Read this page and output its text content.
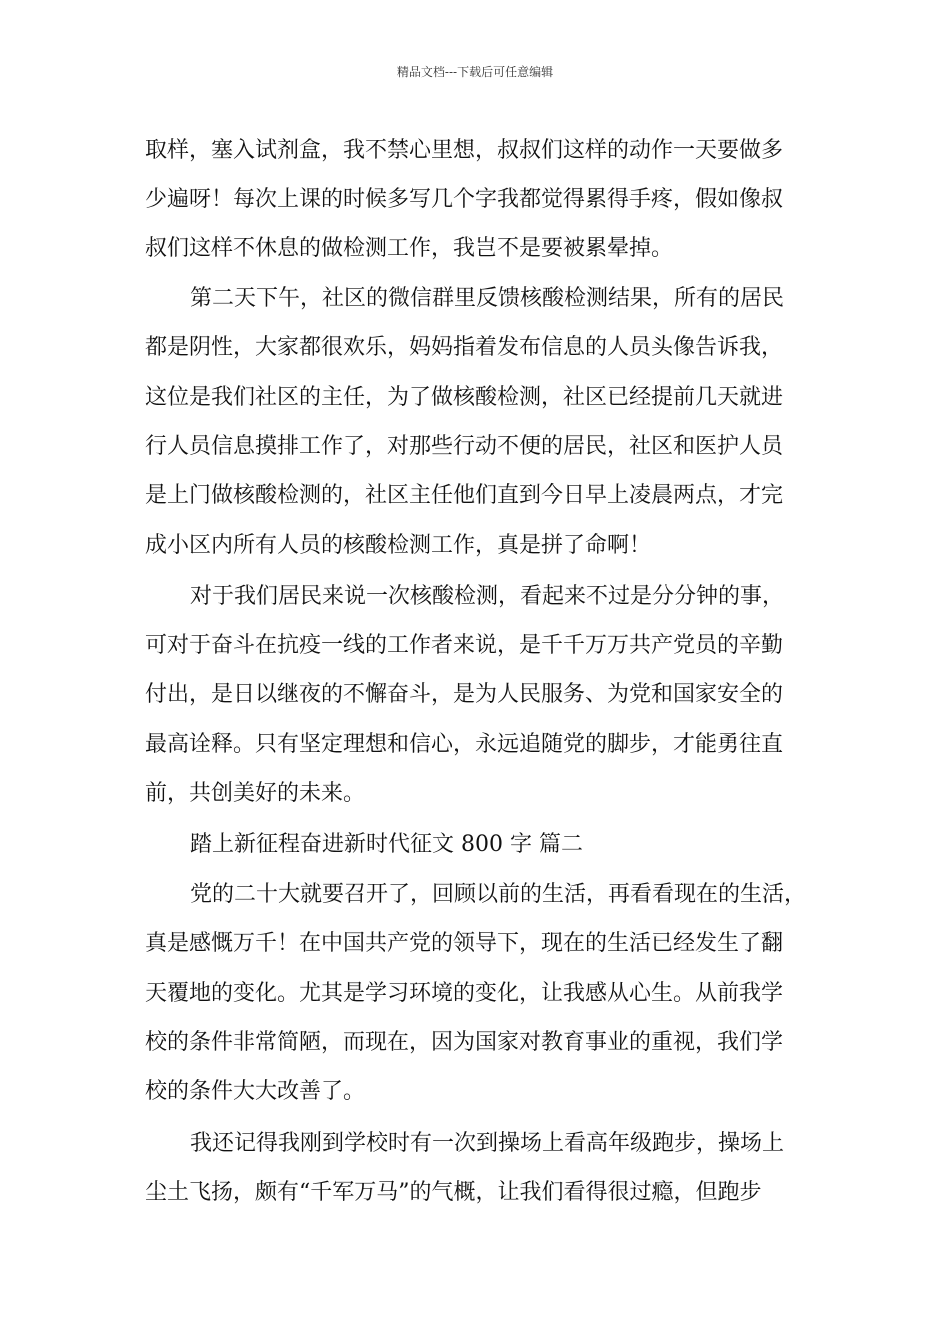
精品文档---下载后可任意编辑
取样，塞入试剂盒，我不禁心里想，叔叔们这样的动作一天要做多
少遍呀！每次上课的时候多写几个字我都觉得累得手疼，假如像叔
叔们这样不休息的做检测工作，我岂不是要被累晕掉。
第二天下午，社区的微信群里反馈核酸检测结果，所有的居民
都是阴性，大家都很欢乐，妈妈指着发布信息的人员头像告诉我，
这位是我们社区的主任，为了做核酸检测，社区已经提前几天就进
行人员信息摸排工作了，对那些行动不便的居民，社区和医护人员
是上门做核酸检测的，社区主任他们直到今日早上凌晨两点，才完
成小区内所有人员的核酸检测工作，真是拼了命啊！
对于我们居民来说一次核酸检测，看起来不过是分分钟的事，
可对于奋斗在抗疫一线的工作者来说，是千千万万共产党员的辛勤
付出，是日以继夜的不懈奋斗，是为人民服务、为党和国家安全的
最高诠释。只有坚定理想和信心，永远追随党的脚步，才能勇往直
前，共创美好的未来。
踏上新征程奋进新时代征文 800 字 篇二
党的二十大就要召开了，回顾以前的生活，再看看现在的生活，
真是感慨万千！在中国共产党的领导下，现在的生活已经发生了翻
天覆地的变化。尤其是学习环境的变化，让我感从心生。从前我学
校的条件非常简陋，而现在，因为国家对教育事业的重视，我们学
校的条件大大改善了。
我还记得我刚到学校时有一次到操场上看高年级跑步，操场上
尘土飞扬，颇有“千军万马”的气概，让我们看得很过瘾，但跑步
